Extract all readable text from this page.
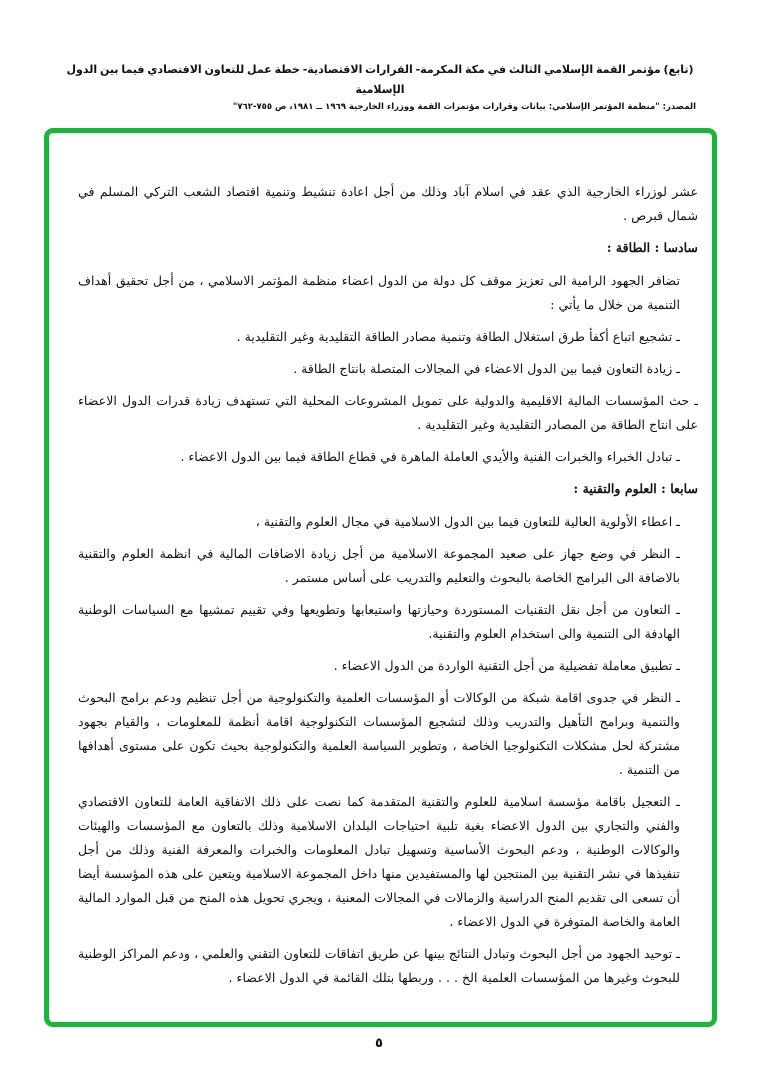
(تابع) مؤتمر القمة الإسلامي الثالث في مكة المكرمة- القرارات الاقتصادية- خطة عمل للتعاون الاقتصادي فيما بين الدول الإسلامية
المصدر: "منظمة المؤتمر الإسلامي: بيانات وقرارات مؤتمرات القمة ووزراء الخارجية ١٩٦٩ ــ ١٩٨١، ص ٧٥٥-٧٦٢"

عشر لوزراء الخارجية الذي عقد في اسلام آباد وذلك من أجل اعادة تنشيط وتنمية اقتصاد الشعب التركي المسلم في شمال قبرص .

سادسا : الطاقة :

تضافر الجهود الرامية الى تعزيز موقف كل دولة من الدول اعضاء منظمة المؤتمر الاسلامي ، من أجل تحقيق أهداف التنمية من خلال ما يأتي :

ـ تشجيع اتباع أكفأ طرق استغلال الطاقة وتنمية مصادر الطاقة التقليدية وغير التقليدية .

ـ زيادة التعاون فيما بين الدول الاعضاء في المجالات المتصلة بانتاج الطاقة .

ـ حث المؤسسات المالية الاقليمية والدولية على تمويل المشروعات المحلية التي تستهدف زيادة قدرات الدول الاعضاء على انتاج الطاقة من المصادر التقليدية وغير التقليدية .

ـ تبادل الخبراء والخبرات الفنية والأيدي العاملة الماهرة في قطاع الطاقة فيما بين الدول الاعضاء .

سابعا : العلوم والتقنية :

ـ اعطاء الأولوية العالية للتعاون فيما بين الدول الاسلامية في مجال العلوم والتقنية ،

ـ النظر في وضع جهاز على صعيد المجموعة الاسلامية من أجل زيادة الاضافات المالية في انظمة العلوم والتقنية بالاضافة الى البرامج الخاصة بالبحوث والتعليم والتدريب على أساس مستمر .

ـ التعاون من أجل نقل التقنيات المستوردة وحيازتها واستيعابها وتطويعها وفي تقييم تمشيها مع السياسات الوطنية الهادفة الى التنمية والى استخدام العلوم والتقنية.

ـ تطبيق معاملة تفضيلية من أجل التقنية الواردة من الدول الاعضاء .

ـ النظر في جدوى اقامة شبكة من الوكالات أو المؤسسات العلمية والتكنولوجية من أجل تنظيم ودعم برامج البحوث والتنمية وبرامج التأهيل والتدريب وذلك لتشجيع المؤسسات التكنولوجية اقامة أنظمة للمعلومات ، والقيام بجهود مشتركة لحل مشكلات التكنولوجيا الخاصة ، وتطوير السياسة العلمية والتكنولوجية بحيث تكون على مستوى أهدافها من التنمية .

ـ التعجيل باقامة مؤسسة اسلامية للعلوم والتقنية المتقدمة كما نصت على ذلك الاتفاقية العامة للتعاون الاقتصادي والفني والتجاري بين الدول الاعضاء بغية تلبية احتياجات البلدان الاسلامية وذلك بالتعاون مع المؤسسات والهيئات والوكالات الوطنية ، ودعم البحوث الأساسية وتسهيل تبادل المعلومات والخبرات والمعرفة الفنية وذلك من أجل تنفيذها في نشر التقنية بين المنتجين لها والمستفيدين منها داخل المجموعة الاسلامية ويتعين على هذه المؤسسة أيضا أن تسعى الى تقديم المنح الدراسية والزمالات في المجالات المعنية ، ويجري تحويل هذه المنح من قبل الموارد المالية العامة والخاصة المتوفرة في الدول الاعضاء .

ـ توحيد الجهود من أجل البحوث وتبادل النتائج بينها عن طريق اتفاقات للتعاون التقني والعلمي ، ودعم المراكز الوطنية للبحوث وغيرها من المؤسسات العلمية الخ . . . وربطها بتلك القائمة في الدول الاعضاء .

٥
